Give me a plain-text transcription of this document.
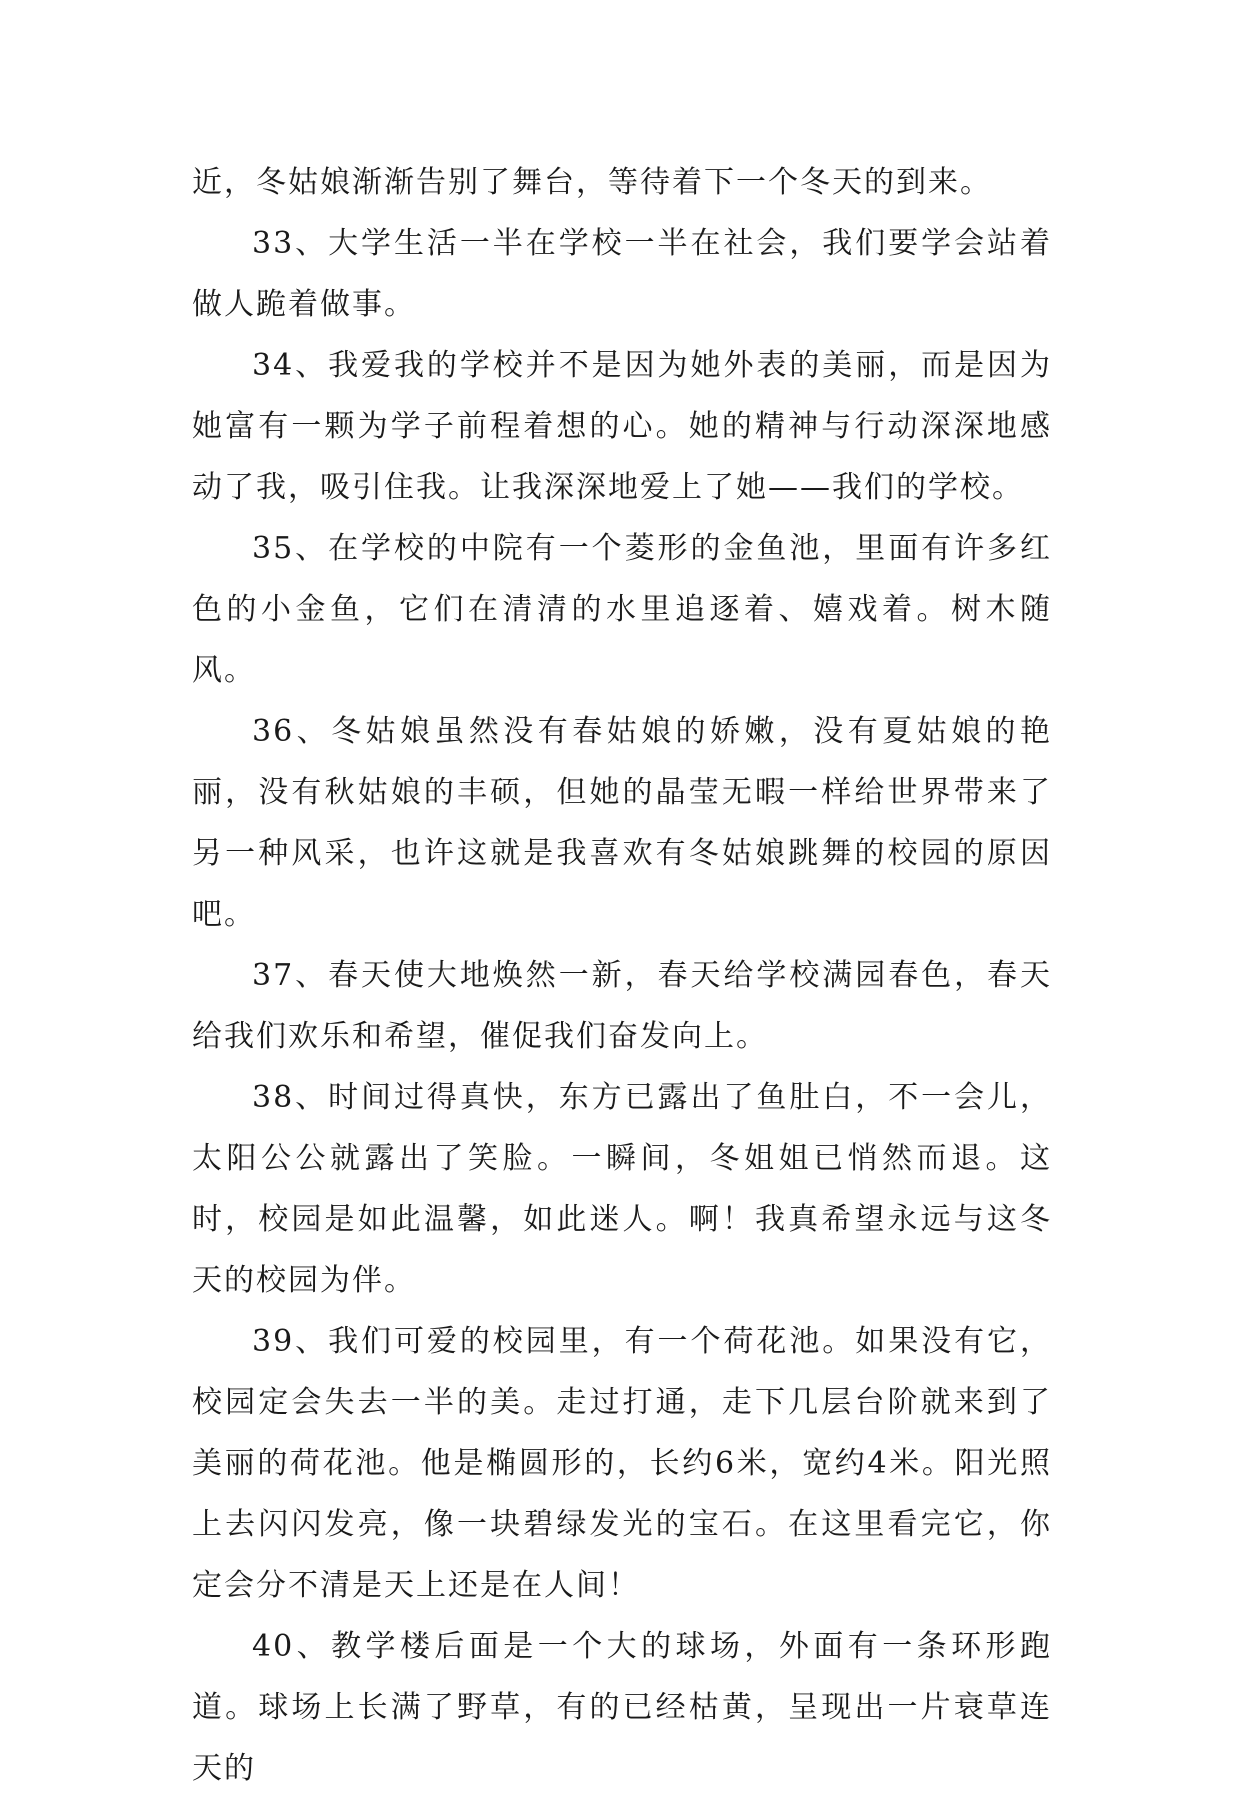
近，冬姑娘渐渐告别了舞台，等待着下一个冬天的到来。

33、大学生活一半在学校一半在社会，我们要学会站着做人跪着做事。

34、我爱我的学校并不是因为她外表的美丽，而是因为她富有一颗为学子前程着想的心。她的精神与行动深深地感动了我，吸引住我。让我深深地爱上了她——我们的学校。

35、在学校的中院有一个菱形的金鱼池，里面有许多红色的小金鱼，它们在清清的水里追逐着、嬉戏着。树木随风。

36、冬姑娘虽然没有春姑娘的娇嫩，没有夏姑娘的艳丽，没有秋姑娘的丰硕，但她的晶莹无暇一样给世界带来了另一种风采，也许这就是我喜欢有冬姑娘跳舞的校园的原因吧。

37、春天使大地焕然一新，春天给学校满园春色，春天给我们欢乐和希望，催促我们奋发向上。

38、时间过得真快，东方已露出了鱼肚白，不一会儿，太阳公公就露出了笑脸。一瞬间，冬姐姐已悄然而退。这时，校园是如此温馨，如此迷人。啊！我真希望永远与这冬天的校园为伴。

39、我们可爱的校园里，有一个荷花池。如果没有它，校园定会失去一半的美。走过打通，走下几层台阶就来到了美丽的荷花池。他是椭圆形的，长约6米，宽约4米。阳光照上去闪闪发亮，像一块碧绿发光的宝石。在这里看完它，你定会分不清是天上还是在人间！

40、教学楼后面是一个大的球场，外面有一条环形跑道。球场上长满了野草，有的已经枯黄，呈现出一片衰草连天的
